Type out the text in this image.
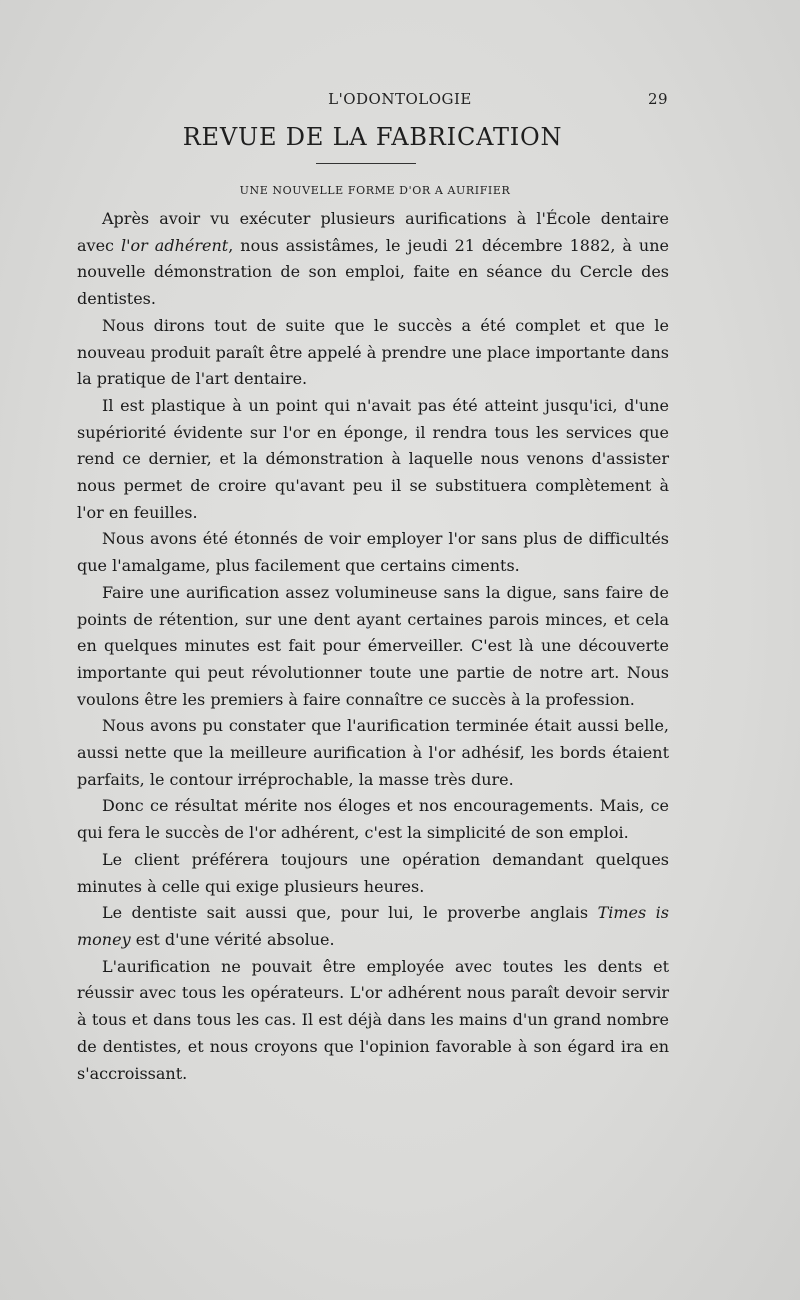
L'ODONTOLOGIE	29
REVUE DE LA FABRICATION
UNE NOUVELLE FORME D'OR A AURIFIER

Après avoir vu exécuter plusieurs aurifications à l'École dentaire avec l'or adhérent, nous assistâmes, le jeudi 21 décembre 1882, à une nouvelle démonstration de son emploi, faite en séance du Cercle des dentistes.

Nous dirons tout de suite que le succès a été complet et que le nouveau produit paraît être appelé à prendre une place importante dans la pratique de l'art dentaire.

Il est plastique à un point qui n'avait pas été atteint jusqu'ici, d'une supériorité évidente sur l'or en éponge, il rendra tous les services que rend ce dernier, et la démonstration à laquelle nous venons d'assister nous permet de croire qu'avant peu il se substituera complètement à l'or en feuilles.

Nous avons été étonnés de voir employer l'or sans plus de difficultés que l'amalgame, plus facilement que certains ciments.

Faire une aurification assez volumineuse sans la digue, sans faire de points de rétention, sur une dent ayant certaines parois minces, et cela en quelques minutes est fait pour émerveiller. C'est là une découverte importante qui peut révolutionner toute une partie de notre art. Nous voulons être les premiers à faire connaître ce succès à la profession.

Nous avons pu constater que l'aurification terminée était aussi belle, aussi nette que la meilleure aurification à l'or adhésif, les bords étaient parfaits, le contour irréprochable, la masse très dure.

Donc ce résultat mérite nos éloges et nos encouragements. Mais, ce qui fera le succès de l'or adhérent, c'est la simplicité de son emploi.

Le client préférera toujours une opération demandant quelques minutes à celle qui exige plusieurs heures.

Le dentiste sait aussi que, pour lui, le proverbe anglais Times is money est d'une vérité absolue.

L'aurification ne pouvait être employée avec toutes les dents et réussir avec tous les opérateurs. L'or adhérent nous paraît devoir servir à tous et dans tous les cas. Il est déjà dans les mains d'un grand nombre de dentistes, et nous croyons que l'opinion favorable à son égard ira en s'accroissant.
